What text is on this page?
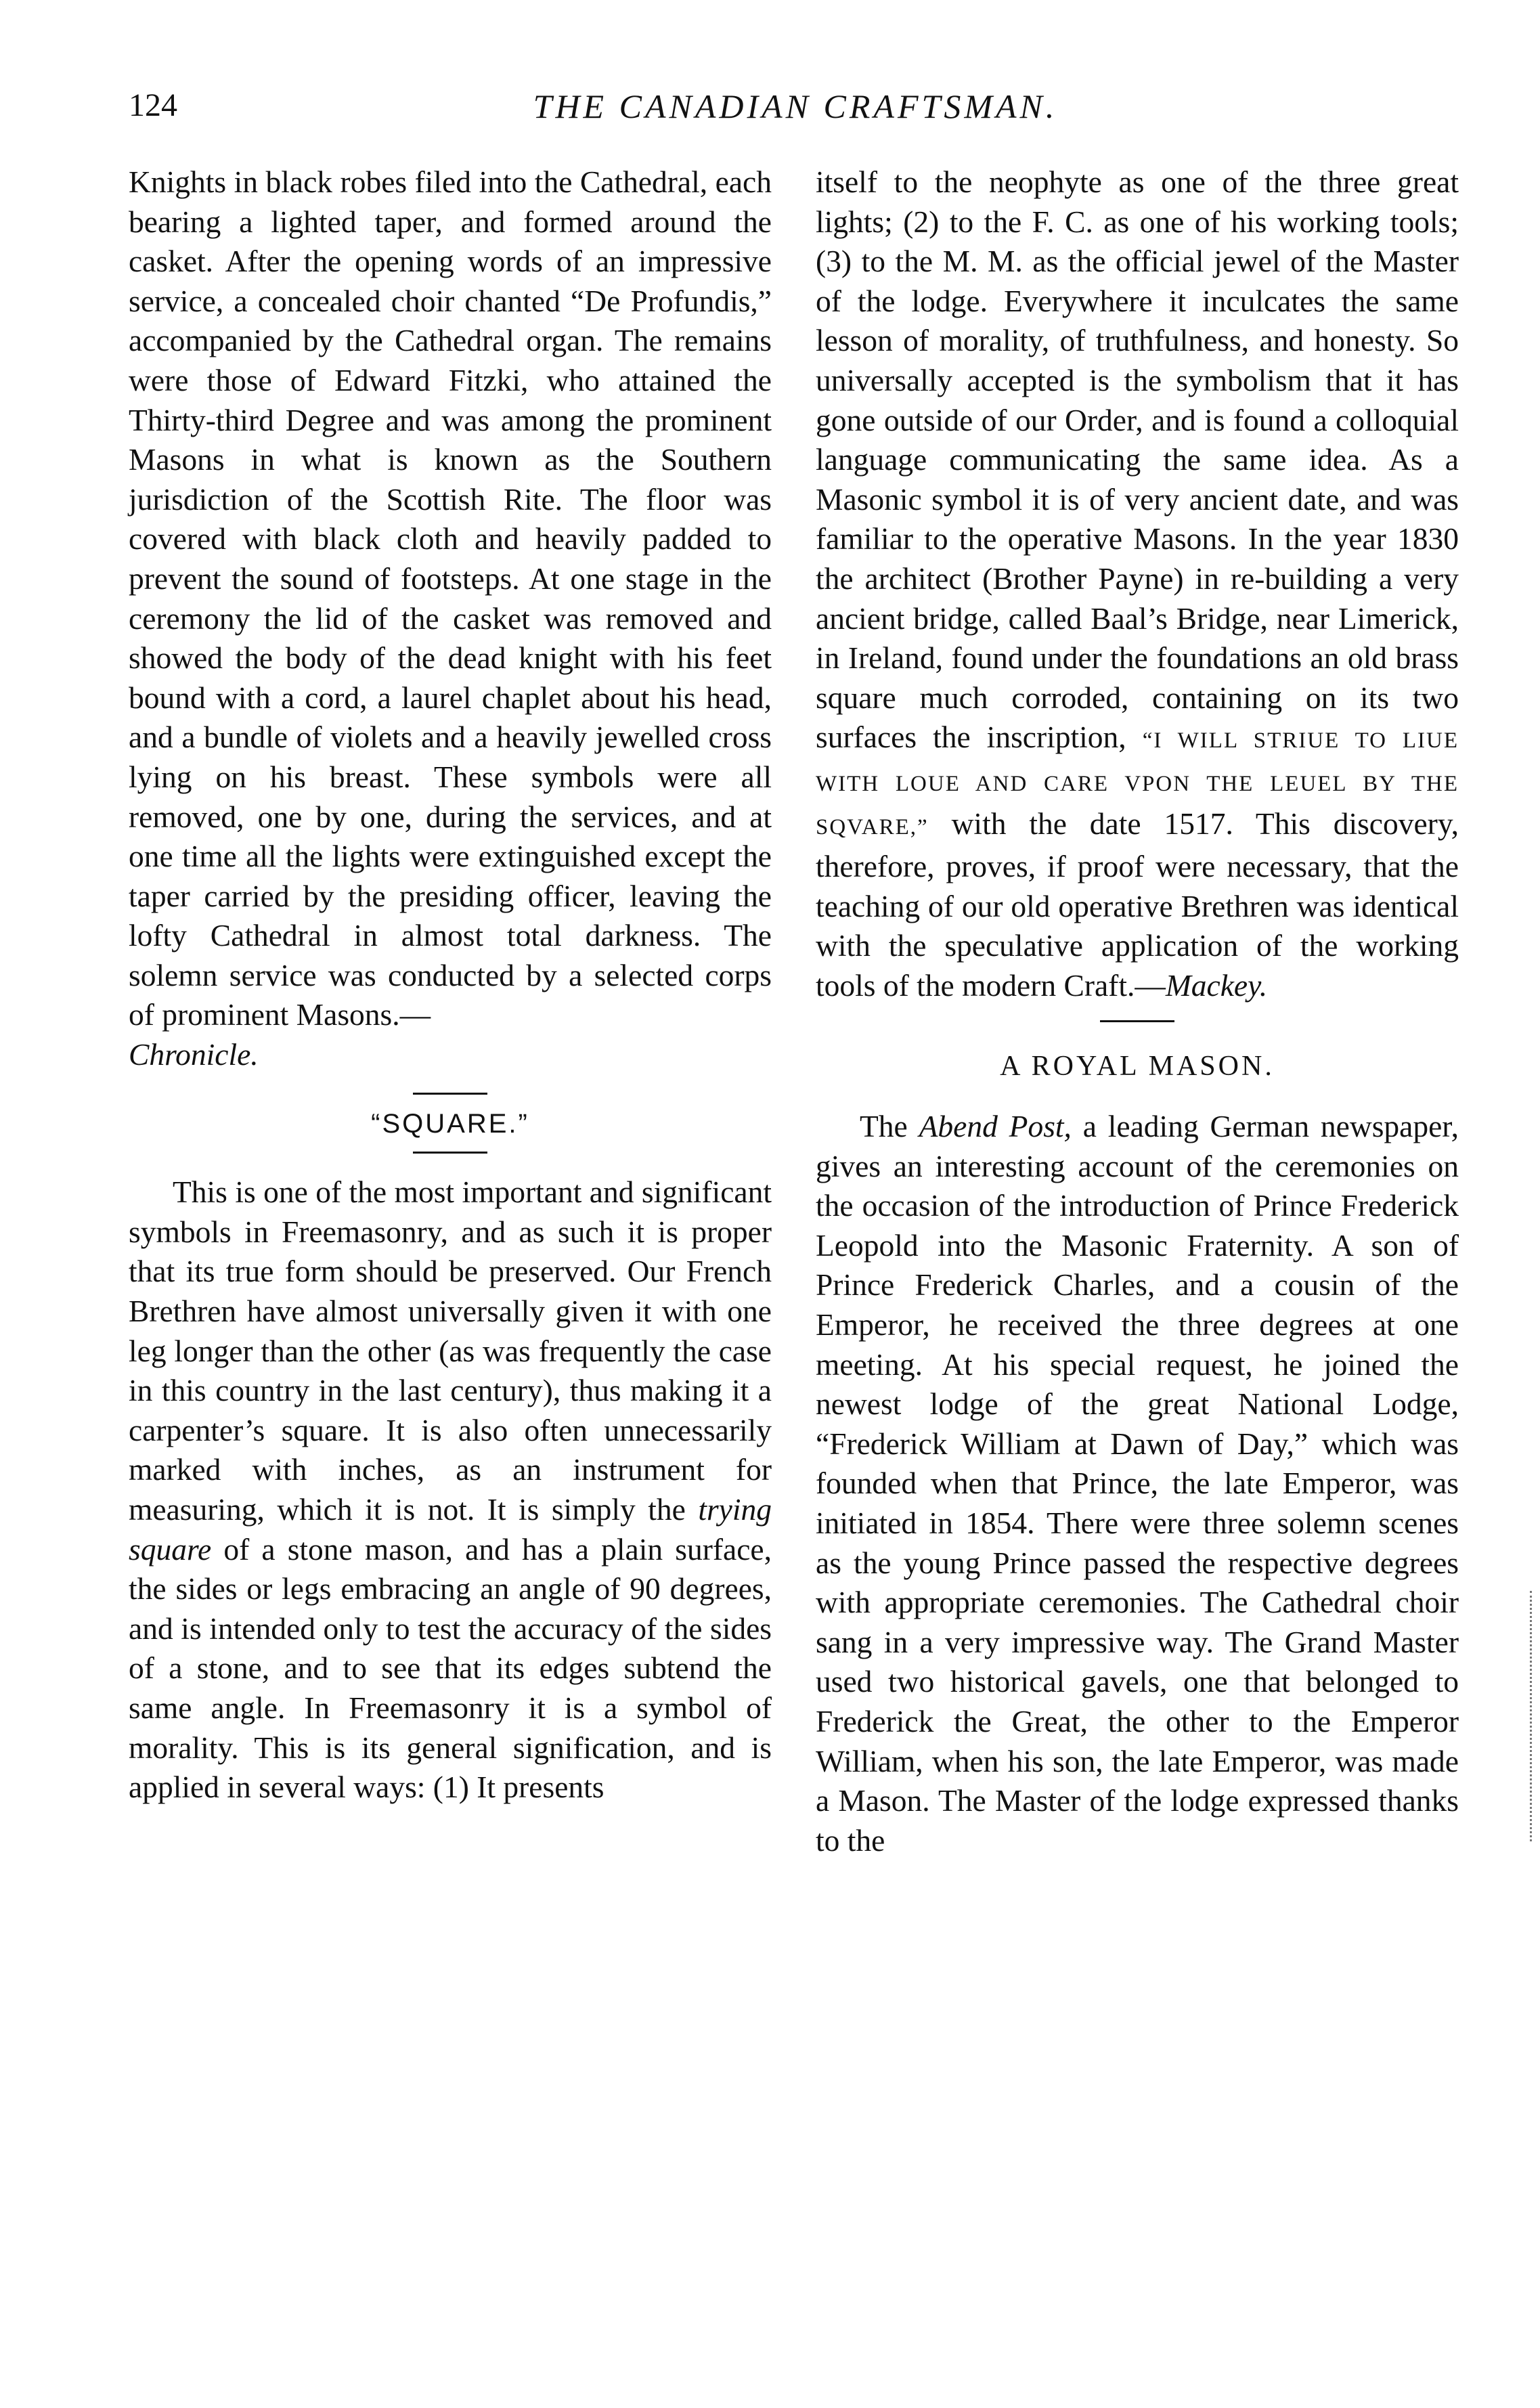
124	THE CANADIAN CRAFTSMAN.

Knights in black robes filed into the Cathedral, each bearing a lighted taper, and formed around the casket. After the opening words of an impressive service, a concealed choir chanted “De Profundis,” accompanied by the Cathedral organ. The remains were those of Edward Fitzki, who attained the Thirty-third Degree and was among the prominent Masons in what is known as the Southern jurisdiction of the Scottish Rite. The floor was covered with black cloth and heavily padded to prevent the sound of footsteps. At one stage in the ceremony the lid of the casket was removed and showed the body of the dead knight with his feet bound with a cord, a laurel chaplet about his head, and a bundle of violets and a heavily jewelled cross lying on his breast. These symbols were all removed, one by one, during the services, and at one time all the lights were extinguished except the taper carried by the presiding officer, leaving the lofty Cathedral in almost total darkness. The solemn service was conducted by a selected corps of prominent Masons.—
Chronicle.

“SQUARE.”

This is one of the most important and significant symbols in Freemasonry, and as such it is proper that its true form should be preserved. Our French Brethren have almost universally given it with one leg longer than the other (as was frequently the case in this country in the last century), thus making it a carpenter’s square. It is also often unnecessarily marked with inches, as an instrument for measuring, which it is not. It is simply the trying square of a stone mason, and has a plain surface, the sides or legs embracing an angle of 90 degrees, and is intended only to test the accuracy of the sides of a stone, and to see that its edges subtend the same angle. In Freemasonry it is a symbol of morality. This is its general signification, and is applied in several ways: (1) It presents

itself to the neophyte as one of the three great lights; (2) to the F. C. as one of his working tools; (3) to the M. M. as the official jewel of the Master of the lodge. Everywhere it inculcates the same lesson of morality, of truthfulness, and honesty. So universally accepted is the symbolism that it has gone outside of our Order, and is found a colloquial language communicating the same idea. As a Masonic symbol it is of very ancient date, and was familiar to the operative Masons. In the year 1830 the architect (Brother Payne) in re-building a very ancient bridge, called Baal’s Bridge, near Limerick, in Ireland, found under the foundations an old brass square much corroded, containing on its two surfaces the inscription, “I WILL STRIUE TO LIUE WITH LOUE AND CARE VPON THE LEUEL BY THE SQVARE,” with the date 1517. This discovery, therefore, proves, if proof were necessary, that the teaching of our old operative Brethren was identical with the speculative application of the working tools of the modern Craft.—Mackey.

A ROYAL MASON.

The Abend Post, a leading German newspaper, gives an interesting account of the ceremonies on the occasion of the introduction of Prince Frederick Leopold into the Masonic Fraternity. A son of Prince Frederick Charles, and a cousin of the Emperor, he received the three degrees at one meeting. At his special request, he joined the newest lodge of the great National Lodge, “Frederick William at Dawn of Day,” which was founded when that Prince, the late Emperor, was initiated in 1854. There were three solemn scenes as the young Prince passed the respective degrees with appropriate ceremonies. The Cathedral choir sang in a very impressive way. The Grand Master used two historical gavels, one that belonged to Frederick the Great, the other to the Emperor William, when his son, the late Emperor, was made a Mason. The Master of the lodge expressed thanks to the
